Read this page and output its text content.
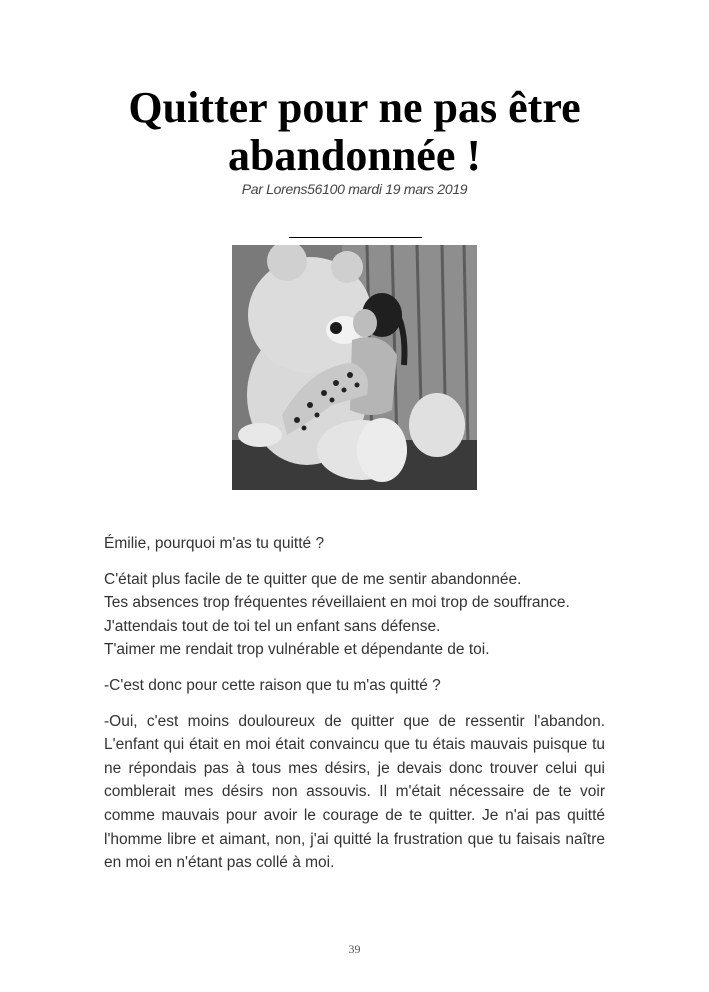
Quitter pour ne pas être
abandonnée !
Par Lorens56100 mardi 19 mars 2019

Émilie, pourquoi m'as tu quitté ?

C'était plus facile de te quitter que de me sentir abandonnée.
Tes absences trop fréquentes réveillaient en moi trop de souffrance.
J'attendais tout de toi tel un enfant sans défense.
T'aimer me rendait trop vulnérable et dépendante de toi.

-C'est donc pour cette raison que tu m'as quitté ?

-Oui, c'est moins douloureux de quitter que de ressentir l'abandon. L'enfant qui était en moi était convaincu que tu étais mauvais puisque tu ne répondais pas à tous mes désirs, je devais donc trouver celui qui comblerait mes désirs non assouvis. Il m'était nécessaire de te voir comme mauvais pour avoir le courage de te quitter. Je n'ai pas quitté l'homme libre et aimant, non, j'ai quitté la frustration que tu faisais naître en moi en n'étant pas collé à moi.

39
